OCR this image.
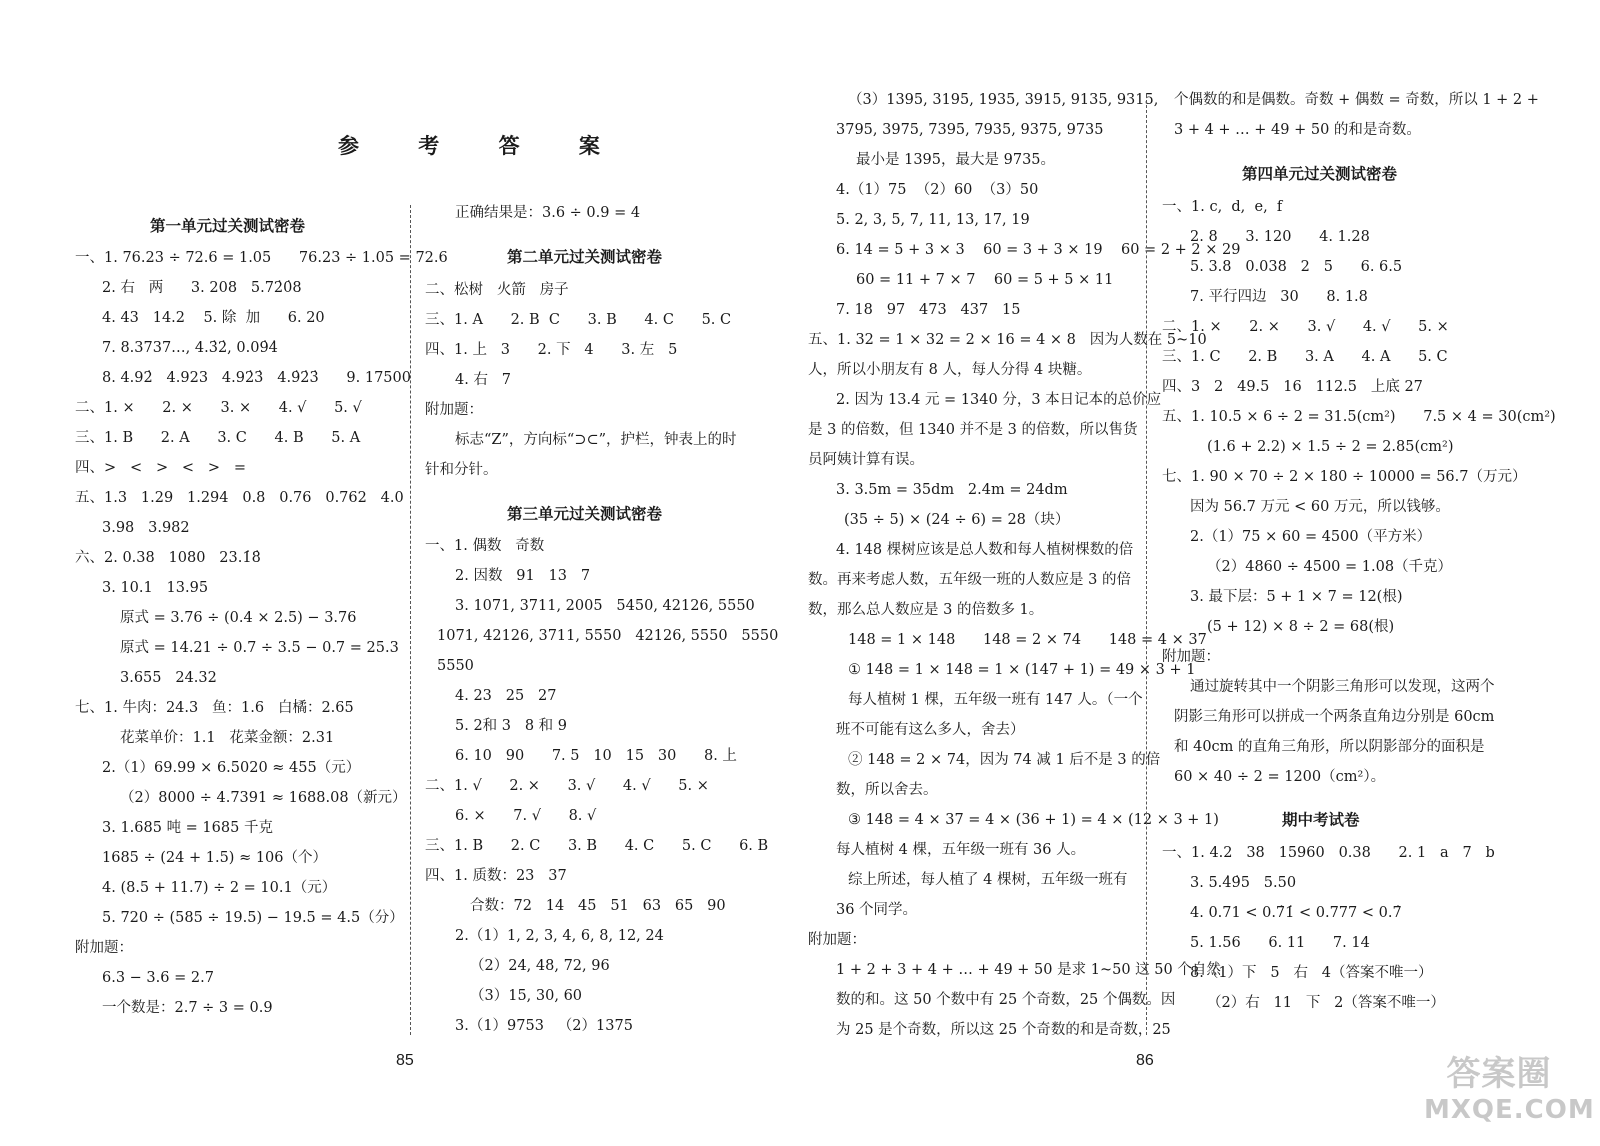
参 考 答 案
第一单元过关测试密卷
一、1. 76.23 ÷ 72.6 = 1.05      76.23 ÷ 1.05 = 72.6
2. 右   两      3. 208   5.72̇0̇8
4. 43   14.2    5. 除  加      6. 20
7. 8.3737…, 4.3̇2̇, 0.09̇4̇
8. 4.92̇   4.923   4.92̇3̇   4.9̇2̇3̇      9. 17500
二、1. ×      2. ×      3. ×      4. √      5. √
三、1. B      2. A      3. C      4. B      5. A
四、>   <   >   <   >   =
五、1.3   1.29   1.294   0.8   0.76   0.762   4.0
3.98   3.982
六、2. 0.38   1080   23.1̇8̇
3. 10.1   13.95
原式 = 3.76 ÷ (0.4 × 2.5) − 3.76
原式 = 14.21 ÷ 0.7 ÷ 3.5 − 0.7 = 25.3
3.655   24.32
七、1. 牛肉：24.3   鱼：1.6   白橘：2.65
花菜单价：1.1   花菜金额：2.31
2.（1）69.99 × 6.5020 ≈ 455（元）
（2）8000 ÷ 4.7391 ≈ 1688.08（新元）
3. 1.685 吨 = 1685 千克
1685 ÷ (24 + 1.5) ≈ 106（个）
4. (8.5 + 11.7) ÷ 2 = 10.1（元）
5. 720 ÷ (585 ÷ 19.5) − 19.5 = 4.5（分）
附加题：
6.3 − 3.6 = 2.7
一个数是：2.7 ÷ 3 = 0.9
正确结果是：3.6 ÷ 0.9 = 4
第二单元过关测试密卷
二、松树   火箭   房子
三、1. A      2. B  C      3. B      4. C      5. C
四、1. 上   3      2. 下   4      3. 左   5
4. 右   7
附加题：
标志“Z”，方向标“⊃⊂”，护栏，钟表上的时
针和分针。
第三单元过关测试密卷
一、1. 偶数   奇数
2. 因数   91   13   7
3. 1071, 3711, 2005   5450, 42126, 5550
1071, 42126, 3711, 5550   42126, 5550   5550
5550
4. 23   25   27
5. 2和 3   8 和 9
6. 10   90      7. 5   10   15   30      8. 上
二、1. √      2. ×      3. √      4. √      5. ×
6. ×      7. √      8. √
三、1. B      2. C      3. B      4. C      5. C      6. B
四、1. 质数：23   37
合数：72   14   45   51   63   65   90
2.（1）1, 2, 3, 4, 6, 8, 12, 24
（2）24, 48, 72, 96
（3）15, 30, 60
3.（1）9753   （2）1375
（3）1395, 3195, 1935, 3915, 9135, 9315,
3795, 3975, 7395, 7935, 9375, 9735
最小是 1395，最大是 9735。
4.（1）75  （2）60  （3）50
5. 2, 3, 5, 7, 11, 13, 17, 19
6. 14 = 5 + 3 × 3    60 = 3 + 3 × 19    60 = 2 + 2 × 29
60 = 11 + 7 × 7    60 = 5 + 5 × 11
7. 18   97   473   437   15
五、1. 32 = 1 × 32 = 2 × 16 = 4 × 8   因为人数在 5~10
人，所以小朋友有 8 人，每人分得 4 块糖。
2. 因为 13.4 元 = 1340 分，3 本日记本的总价应
是 3 的倍数，但 1340 并不是 3 的倍数，所以售货
员阿姨计算有误。
3. 3.5m = 35dm   2.4m = 24dm
(35 ÷ 5) × (24 ÷ 6) = 28（块）
4. 148 棵树应该是总人数和每人植树棵数的倍
数。再来考虑人数，五年级一班的人数应是 3 的倍
数，那么总人数应是 3 的倍数多 1。
148 = 1 × 148      148 = 2 × 74      148 = 4 × 37
① 148 = 1 × 148 = 1 × (147 + 1) = 49 × 3 + 1
每人植树 1 棵，五年级一班有 147 人。（一个
班不可能有这么多人，舍去）
② 148 = 2 × 74，因为 74 减 1 后不是 3 的倍
数，所以舍去。
③ 148 = 4 × 37 = 4 × (36 + 1) = 4 × (12 × 3 + 1)
每人植树 4 棵，五年级一班有 36 人。
综上所述，每人植了 4 棵树，五年级一班有
36 个同学。
附加题：
1 + 2 + 3 + 4 + … + 49 + 50 是求 1~50 这 50 个自然
数的和。这 50 个数中有 25 个奇数，25 个偶数。因
为 25 是个奇数，所以这 25 个奇数的和是奇数，25
个偶数的和是偶数。奇数 + 偶数 = 奇数，所以 1 + 2 +
3 + 4 + … + 49 + 50 的和是奇数。
第四单元过关测试密卷
一、1. c,  d,  e,  f
2. 8      3. 120      4. 1.28
5. 3.8   0.038   2   5      6. 6.5
7. 平行四边   30      8. 1.8
二、1. ×      2. ×      3. √      4. √      5. ×
三、1. C      2. B      3. A      4. A      5. C
四、3   2   49.5   16   112.5   上底 27
五、1. 10.5 × 6 ÷ 2 = 31.5(cm²)      7.5 × 4 = 30(cm²)
(1.6 + 2.2) × 1.5 ÷ 2 = 2.85(cm²)
七、1. 90 × 70 ÷ 2 × 180 ÷ 10000 = 56.7（万元）
因为 56.7 万元 < 60 万元，所以钱够。
2.（1）75 × 60 = 4500（平方米）
（2）4860 ÷ 4500 = 1.08（千克）
3. 最下层：5 + 1 × 7 = 12(根)
(5 + 12) × 8 ÷ 2 = 68(根)
附加题：
通过旋转其中一个阴影三角形可以发现，这两个
阴影三角形可以拼成一个两条直角边分别是 60cm
和 40cm 的直角三角形，所以阴影部分的面积是
60 × 40 ÷ 2 = 1200（cm²）。
期中考试卷
一、1. 4.2   38   15960   0.38      2. 1   a   7   b
3. 5.4̇9̇5   5.50
4. 0.71 < 0.7̇1̇ < 0.777 < 0.7̇
5. 1.56      6. 11      7. 14
8.（1）下   5   右   4（答案不唯一）
（2）右   11   下   2（答案不唯一）
85	86	答案圈
MXQE.COM
